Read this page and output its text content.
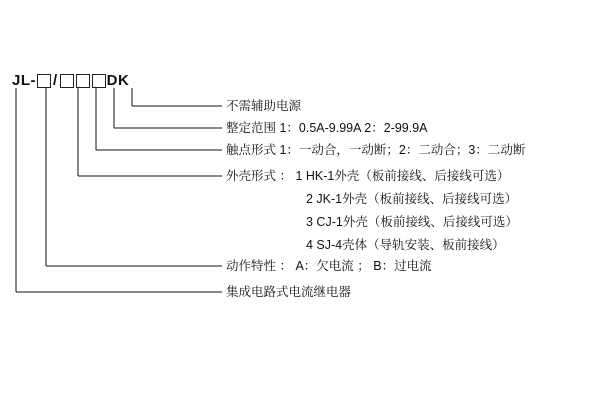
JL- /	DK
不需辅助电源
整定范围 1：0.5A-9.99A 2：2-99.9A
触点形式 1：一动合，一动断；2：二动合；3：二动断
外壳形式 ： 1 HK-1外壳（板前接线、后接线可选）
2 JK-1外壳（板前接线、后接线可选）
3 CJ-1外壳（板前接线、后接线可选）
4 SJ-4壳体（导轨安装、板前接线）
动作特性 ： A：欠电流 ； B：过电流
集成电路式电流继电器
